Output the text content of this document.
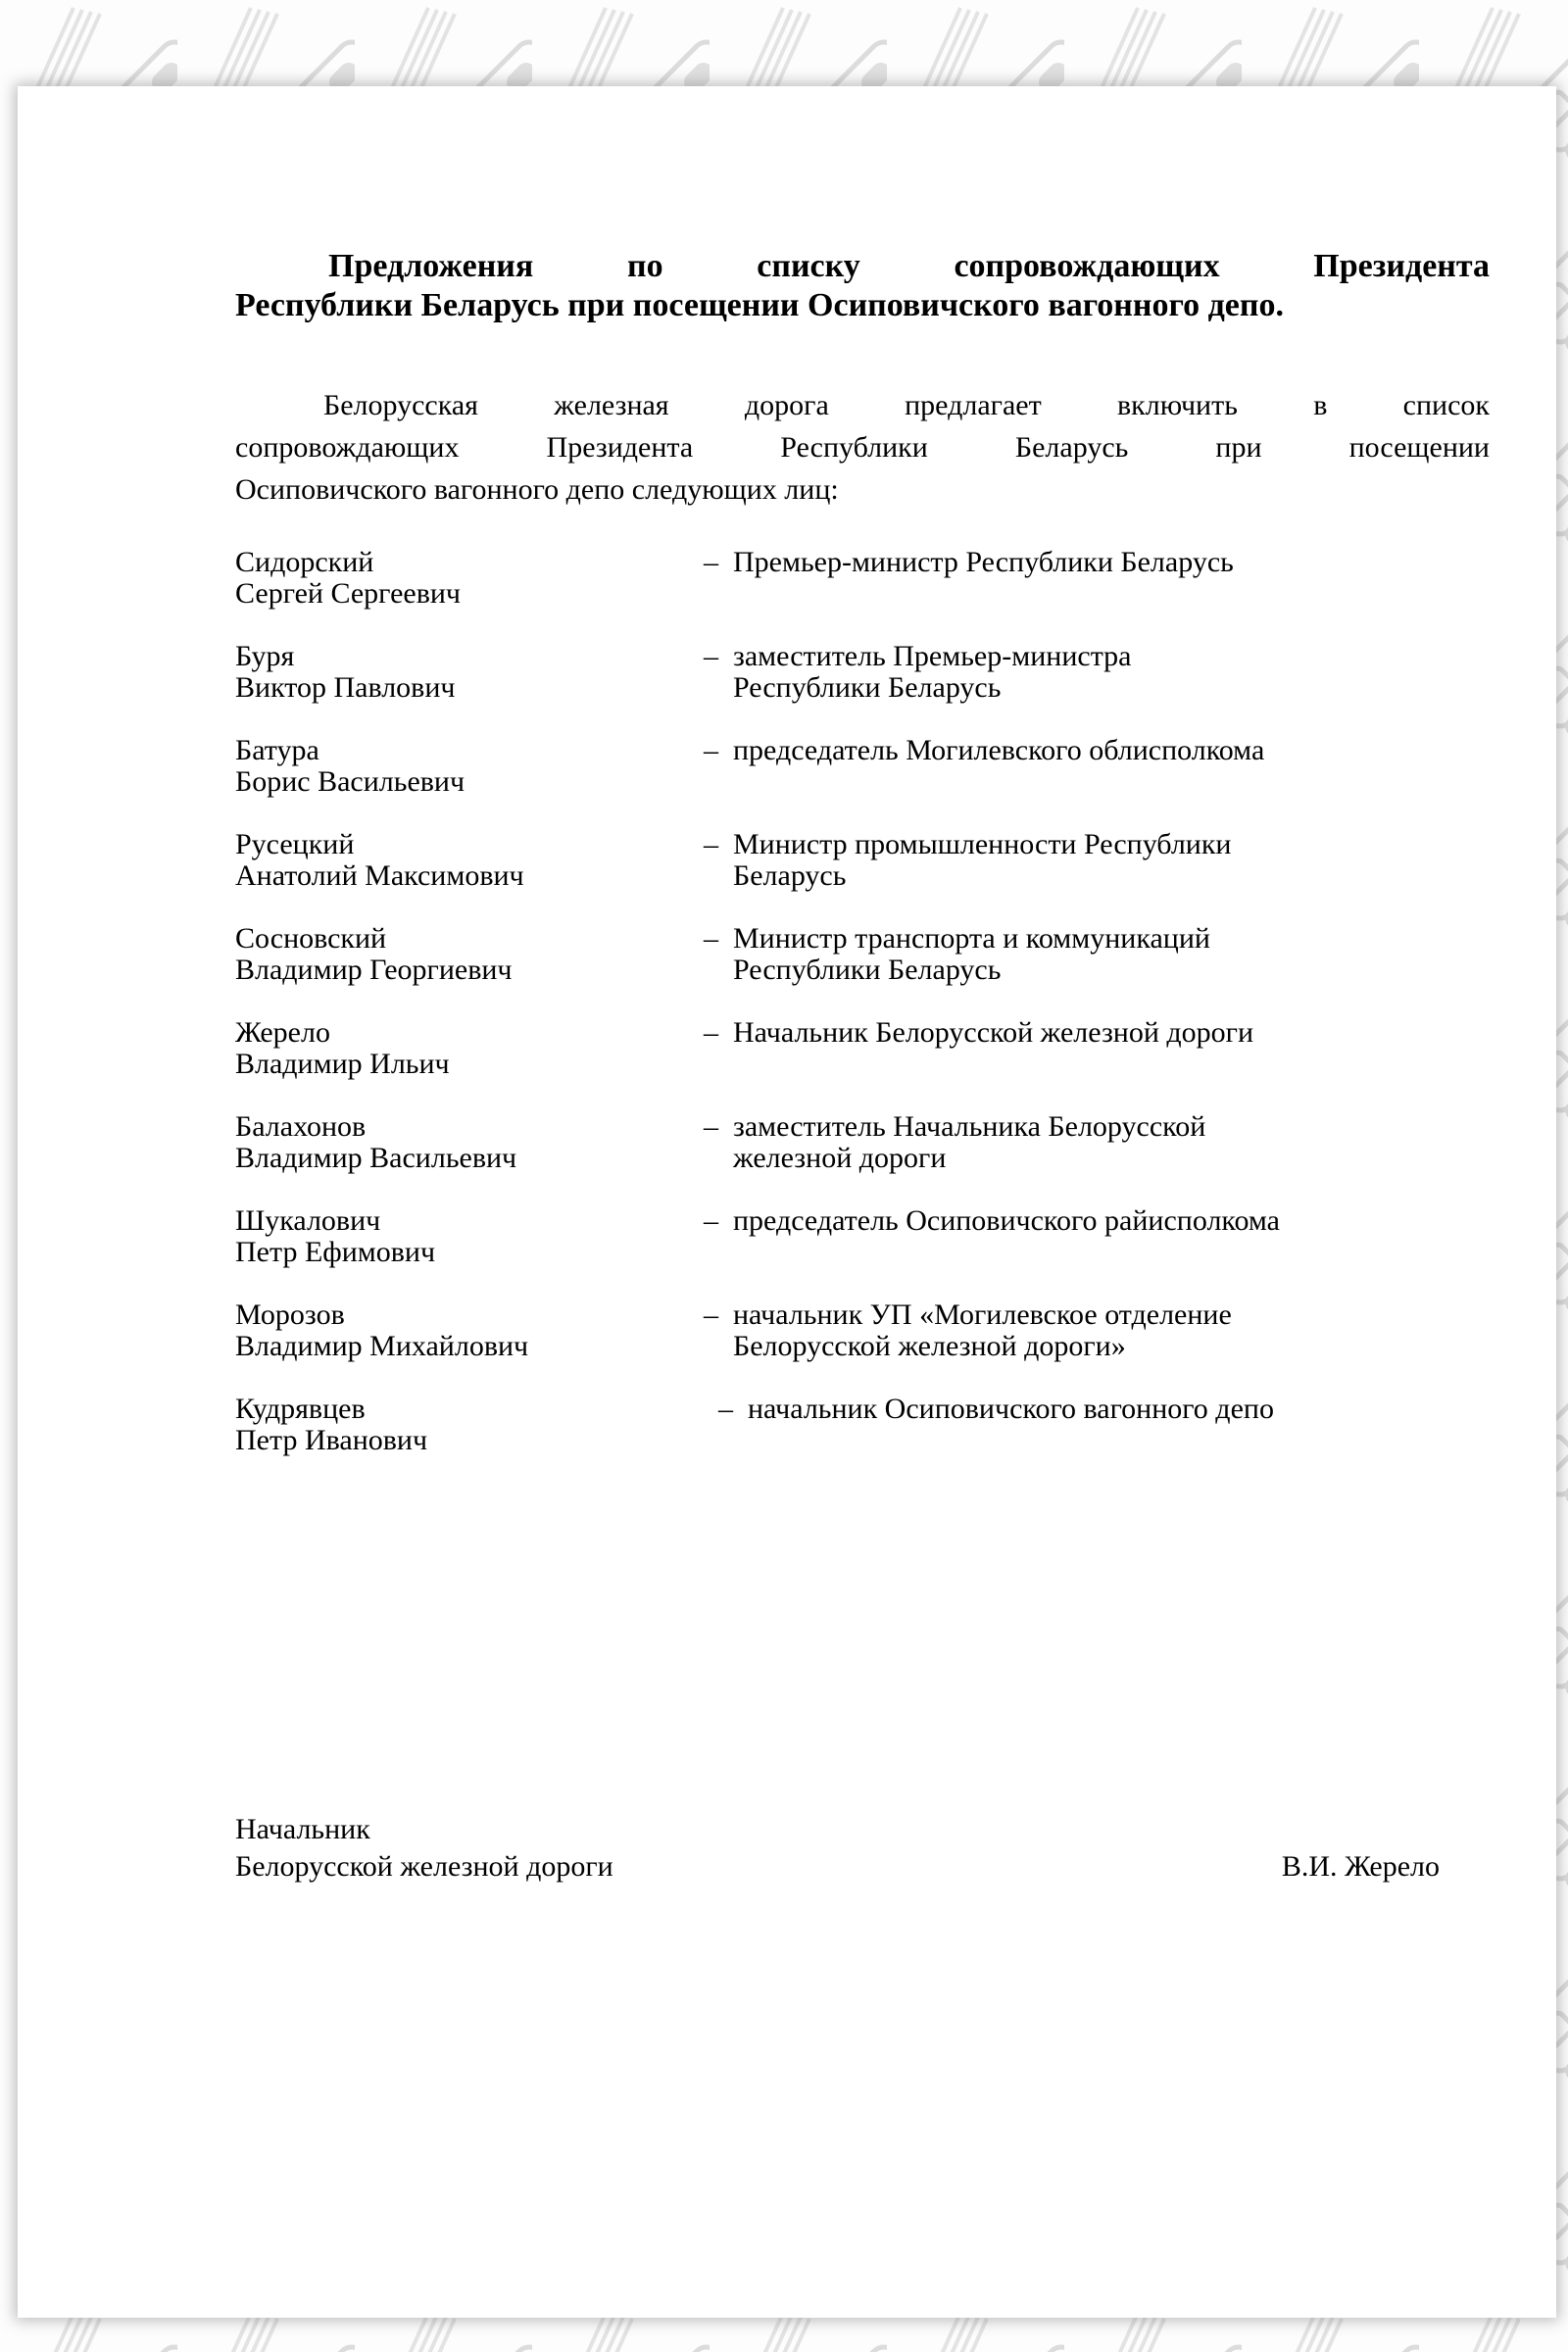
Предложения по списку сопровождающих Президента
Республики Беларусь при посещении Осиповичского вагонного депо.
Белорусская железная дорога предлагает включить в список
сопровождающих Президента Республики Беларусь при посещении
Осиповичского вагонного депо следующих лиц:
Сидорский
Сергей Сергеевич
– Премьер-министр Республики Беларусь
Буря
Виктор Павлович
– заместитель Премьер-министра
Республики Беларусь
Батура
Борис Васильевич
– председатель Могилевского облисполкома
Русецкий
Анатолий Максимович
– Министр промышленности Республики
Беларусь
Сосновский
Владимир Георгиевич
– Министр транспорта и коммуникаций
Республики Беларусь
Жерело
Владимир Ильич
– Начальник Белорусской железной дороги
Балахонов
Владимир Васильевич
– заместитель Начальника Белорусской
железной дороги
Шукалович
Петр Ефимович
– председатель Осиповичского райисполкома
Морозов
Владимир Михайлович
– начальник УП «Могилевское отделение
Белорусской железной дороги»
Кудрявцев
Петр Иванович
– начальник Осиповичского вагонного депо
Начальник
Белорусской железной дороги	В.И. Жерело
